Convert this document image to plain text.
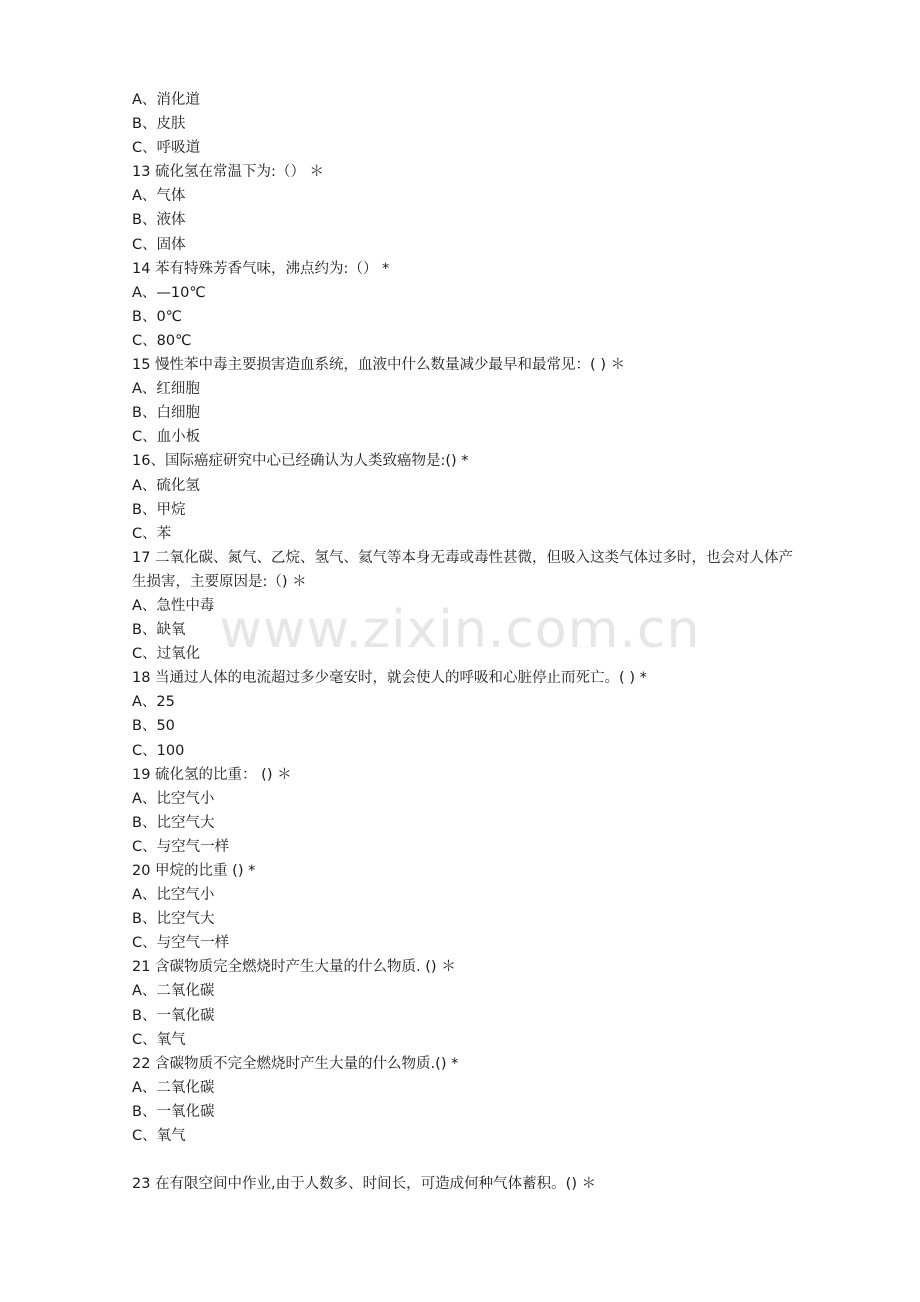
www.zixin.com.cn
A、消化道
B、皮肤
C、呼吸道
13 硫化氢在常温下为:（） ＊
A、气体
B、液体
C、固体
14 苯有特殊芳香气味，沸点约为:（） *
A、—10℃
B、0℃
C、80℃
15 慢性苯中毒主要损害造血系统，血液中什么数量减少最早和最常见：( ) ＊
A、红细胞
B、白细胞
C、血小板
16、国际癌症研究中心已经确认为人类致癌物是:() *
A、硫化氢
B、甲烷
C、苯
17 二氧化碳、氮气、乙烷、氢气、氦气等本身无毒或毒性甚微，但吸入这类气体过多时，也会对人体产生损害，主要原因是:（) ＊
A、急性中毒
B、缺氧
C、过氧化
18 当通过人体的电流超过多少毫安时，就会使人的呼吸和心脏停止而死亡。( ) *
A、25
B、50
C、100
19 硫化氢的比重： () ＊
A、比空气小
B、比空气大
C、与空气一样
20 甲烷的比重 () *
A、比空气小
B、比空气大
C、与空气一样
21 含碳物质完全燃烧时产生大量的什么物质. () ＊
A、二氧化碳
B、一氧化碳
C、氧气
22 含碳物质不完全燃烧时产生大量的什么物质.() *
A、二氧化碳
B、一氧化碳
C、氧气
23 在有限空间中作业,由于人数多、时间长，可造成何种气体蓄积。() ＊
